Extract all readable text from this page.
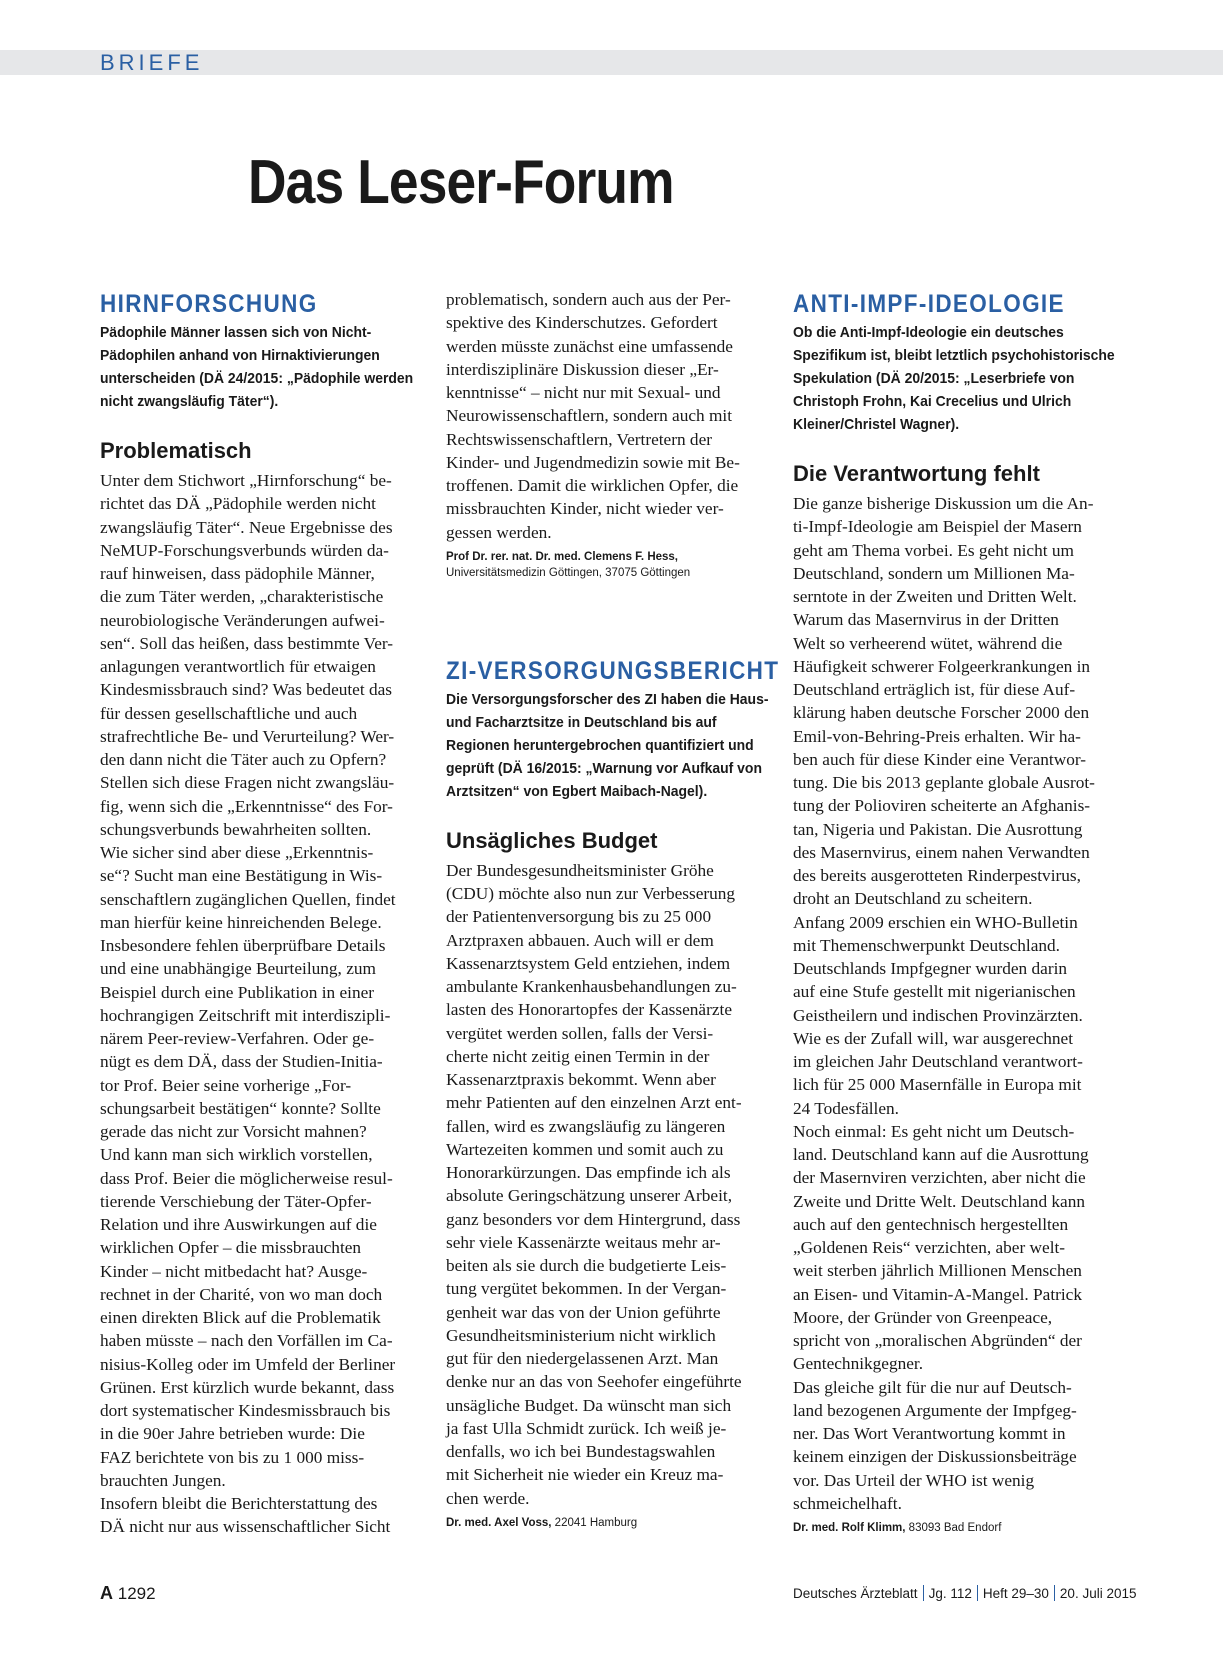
BRIEFE
Das Leser-Forum
HIRNFORSCHUNG
Pädophile Männer lassen sich von Nicht-Pädophilen anhand von Hirnaktivierungen unterscheiden (DÄ 24/2015: „Pädophile werden nicht zwangsläufig Täter“).
Problematisch
Unter dem Stichwort „Hirnforschung“ be-
richtet das DÄ „Pädophile werden nicht
zwangsläufig Täter“. Neue Ergebnisse des
NeMUP-Forschungsverbunds würden da-
rauf hinweisen, dass pädophile Männer,
die zum Täter werden, „charakteristische
neurobiologische Veränderungen aufwei-
sen“. Soll das heißen, dass bestimmte Ver-
anlagungen verantwortlich für etwaigen
Kindesmissbrauch sind? Was bedeutet das
für dessen gesellschaftliche und auch
strafrechtliche Be- und Verurteilung? Wer-
den dann nicht die Täter auch zu Opfern?
Stellen sich diese Fragen nicht zwangsläu-
fig, wenn sich die „Erkenntnisse“ des For-
schungsverbunds bewahrheiten sollten.
Wie sicher sind aber diese „Erkenntnis-
se“? Sucht man eine Bestätigung in Wis-
senschaftlern zugänglichen Quellen, findet
man hierfür keine hinreichenden Belege.
Insbesondere fehlen überprüfbare Details
und eine unabhängige Beurteilung, zum
Beispiel durch eine Publikation in einer
hochrangigen Zeitschrift mit interdiszipli-
närem Peer-review-Verfahren. Oder ge-
nügt es dem DÄ, dass der Studien-Initia-
tor Prof. Beier seine vorherige „For-
schungsarbeit bestätigen“ konnte? Sollte
gerade das nicht zur Vorsicht mahnen?
Und kann man sich wirklich vorstellen,
dass Prof. Beier die möglicherweise resul-
tierende Verschiebung der Täter-Opfer-
Relation und ihre Auswirkungen auf die
wirklichen Opfer – die missbrauchten
Kinder – nicht mitbedacht hat? Ausge-
rechnet in der Charité, von wo man doch
einen direkten Blick auf die Problematik
haben müsste – nach den Vorfällen im Ca-
nisius-Kolleg oder im Umfeld der Berliner
Grünen. Erst kürzlich wurde bekannt, dass
dort systematischer Kindesmissbrauch bis
in die 90er Jahre betrieben wurde: Die
FAZ berichtete von bis zu 1 000 miss-
brauchten Jungen.
Insofern bleibt die Berichterstattung des
DÄ nicht nur aus wissenschaftlicher Sicht
problematisch, sondern auch aus der Per-
spektive des Kinderschutzes. Gefordert
werden müsste zunächst eine umfassende
interdisziplinäre Diskussion dieser „Er-
kenntnisse“ – nicht nur mit Sexual- und
Neurowissenschaftlern, sondern auch mit
Rechtswissenschaftlern, Vertretern der
Kinder- und Jugendmedizin sowie mit Be-
troffenen. Damit die wirklichen Opfer, die
missbrauchten Kinder, nicht wieder ver-
gessen werden.
Prof Dr. rer. nat. Dr. med. Clemens F. Hess,
Universitätsmedizin Göttingen, 37075 Göttingen
ZI-VERSORGUNGSBERICHT
Die Versorgungsforscher des ZI haben die Haus- und Facharztsitze in Deutschland bis auf Regionen heruntergebrochen quantifiziert und geprüft (DÄ 16/2015: „Warnung vor Aufkauf von Arztsitzen“ von Egbert Maibach-Nagel).
Unsägliches Budget
Der Bundesgesundheitsminister Gröhe
(CDU) möchte also nun zur Verbesserung
der Patientenversorgung bis zu 25 000
Arztpraxen abbauen. Auch will er dem
Kassenarztsystem Geld entziehen, indem
ambulante Krankenhausbehandlungen zu-
lasten des Honorartopfes der Kassenärzte
vergütet werden sollen, falls der Versi-
cherte nicht zeitig einen Termin in der
Kassenarztpraxis bekommt. Wenn aber
mehr Patienten auf den einzelnen Arzt ent-
fallen, wird es zwangsläufig zu längeren
Wartezeiten kommen und somit auch zu
Honorarkürzungen. Das empfinde ich als
absolute Geringschätzung unserer Arbeit,
ganz besonders vor dem Hintergrund, dass
sehr viele Kassenärzte weitaus mehr ar-
beiten als sie durch die budgetierte Leis-
tung vergütet bekommen. In der Vergan-
genheit war das von der Union geführte
Gesundheitsministerium nicht wirklich
gut für den niedergelassenen Arzt. Man
denke nur an das von Seehofer eingeführte
unsägliche Budget. Da wünscht man sich
ja fast Ulla Schmidt zurück. Ich weiß je-
denfalls, wo ich bei Bundestagswahlen
mit Sicherheit nie wieder ein Kreuz ma-
chen werde.
Dr. med. Axel Voss, 22041 Hamburg
ANTI-IMPF-IDEOLOGIE
Ob die Anti-Impf-Ideologie ein deutsches Spezifikum ist, bleibt letztlich psychohistorische Spekulation (DÄ 20/2015: „Leserbriefe von Christoph Frohn, Kai Crecelius und Ulrich Kleiner/Christel Wagner).
Die Verantwortung fehlt
Die ganze bisherige Diskussion um die An-
ti-Impf-Ideologie am Beispiel der Masern
geht am Thema vorbei. Es geht nicht um
Deutschland, sondern um Millionen Ma-
serntote in der Zweiten und Dritten Welt.
Warum das Masernvirus in der Dritten
Welt so verheerend wütet, während die
Häufigkeit schwerer Folgeerkrankungen in
Deutschland erträglich ist, für diese Auf-
klärung haben deutsche Forscher 2000 den
Emil-von-Behring-Preis erhalten. Wir ha-
ben auch für diese Kinder eine Verantwor-
tung. Die bis 2013 geplante globale Ausrot-
tung der Polioviren scheiterte an Afghanis-
tan, Nigeria und Pakistan. Die Ausrottung
des Masernvirus, einem nahen Verwandten
des bereits ausgerotteten Rinderpestvirus,
droht an Deutschland zu scheitern.
Anfang 2009 erschien ein WHO-Bulletin
mit Themenschwerpunkt Deutschland.
Deutschlands Impfgegner wurden darin
auf eine Stufe gestellt mit nigerianischen
Geistheilern und indischen Provinzärzten.
Wie es der Zufall will, war ausgerechnet
im gleichen Jahr Deutschland verantwort-
lich für 25 000 Masernfälle in Europa mit
24 Todesfällen.
Noch einmal: Es geht nicht um Deutsch-
land. Deutschland kann auf die Ausrottung
der Masernviren verzichten, aber nicht die
Zweite und Dritte Welt. Deutschland kann
auch auf den gentechnisch hergestellten
„Goldenen Reis“ verzichten, aber welt-
weit sterben jährlich Millionen Menschen
an Eisen- und Vitamin-A-Mangel. Patrick
Moore, der Gründer von Greenpeace,
spricht von „moralischen Abgründen“ der
Gentechnikgegner.
Das gleiche gilt für die nur auf Deutsch-
land bezogenen Argumente der Impfgeg-
ner. Das Wort Verantwortung kommt in
keinem einzigen der Diskussionsbeiträge
vor. Das Urteil der WHO ist wenig
schmeichelhaft.
Dr. med. Rolf Klimm, 83093 Bad Endorf
A 1292	Deutsches Ärzteblatt Jg. 112 Heft 29–30 20. Juli 2015
